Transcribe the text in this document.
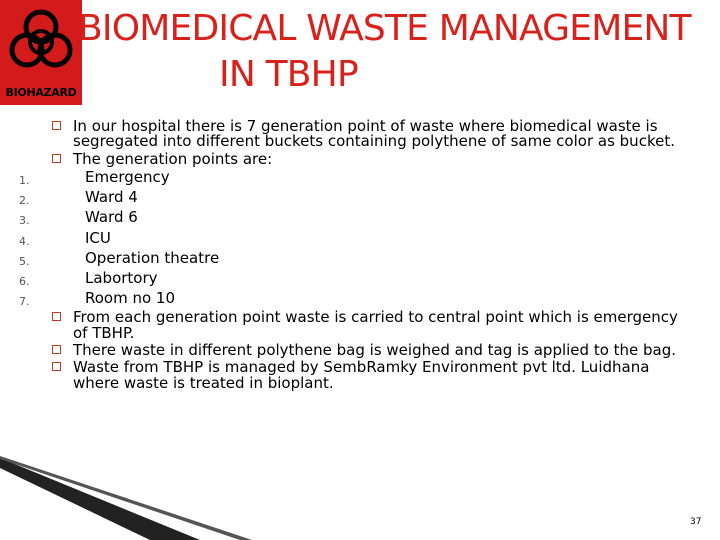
BIOHAZARD
BIOMEDICAL WASTE MANAGEMENT
IN TBHP
In our hospital there is 7 generation point of waste where biomedical waste is segregated into different buckets containing polythene of same color as bucket.
The generation points are:
1.	Emergency
2.	Ward 4
3.	Ward 6
4.	ICU
5.	Operation theatre
6.	Labortory
7.	Room no 10
From each generation point waste is carried to central point which is emergency of TBHP.
There waste in different polythene bag is weighed and tag is applied to the bag.
Waste from TBHP is managed by SembRamky Environment pvt ltd. Luidhana where waste is treated in bioplant.
37
